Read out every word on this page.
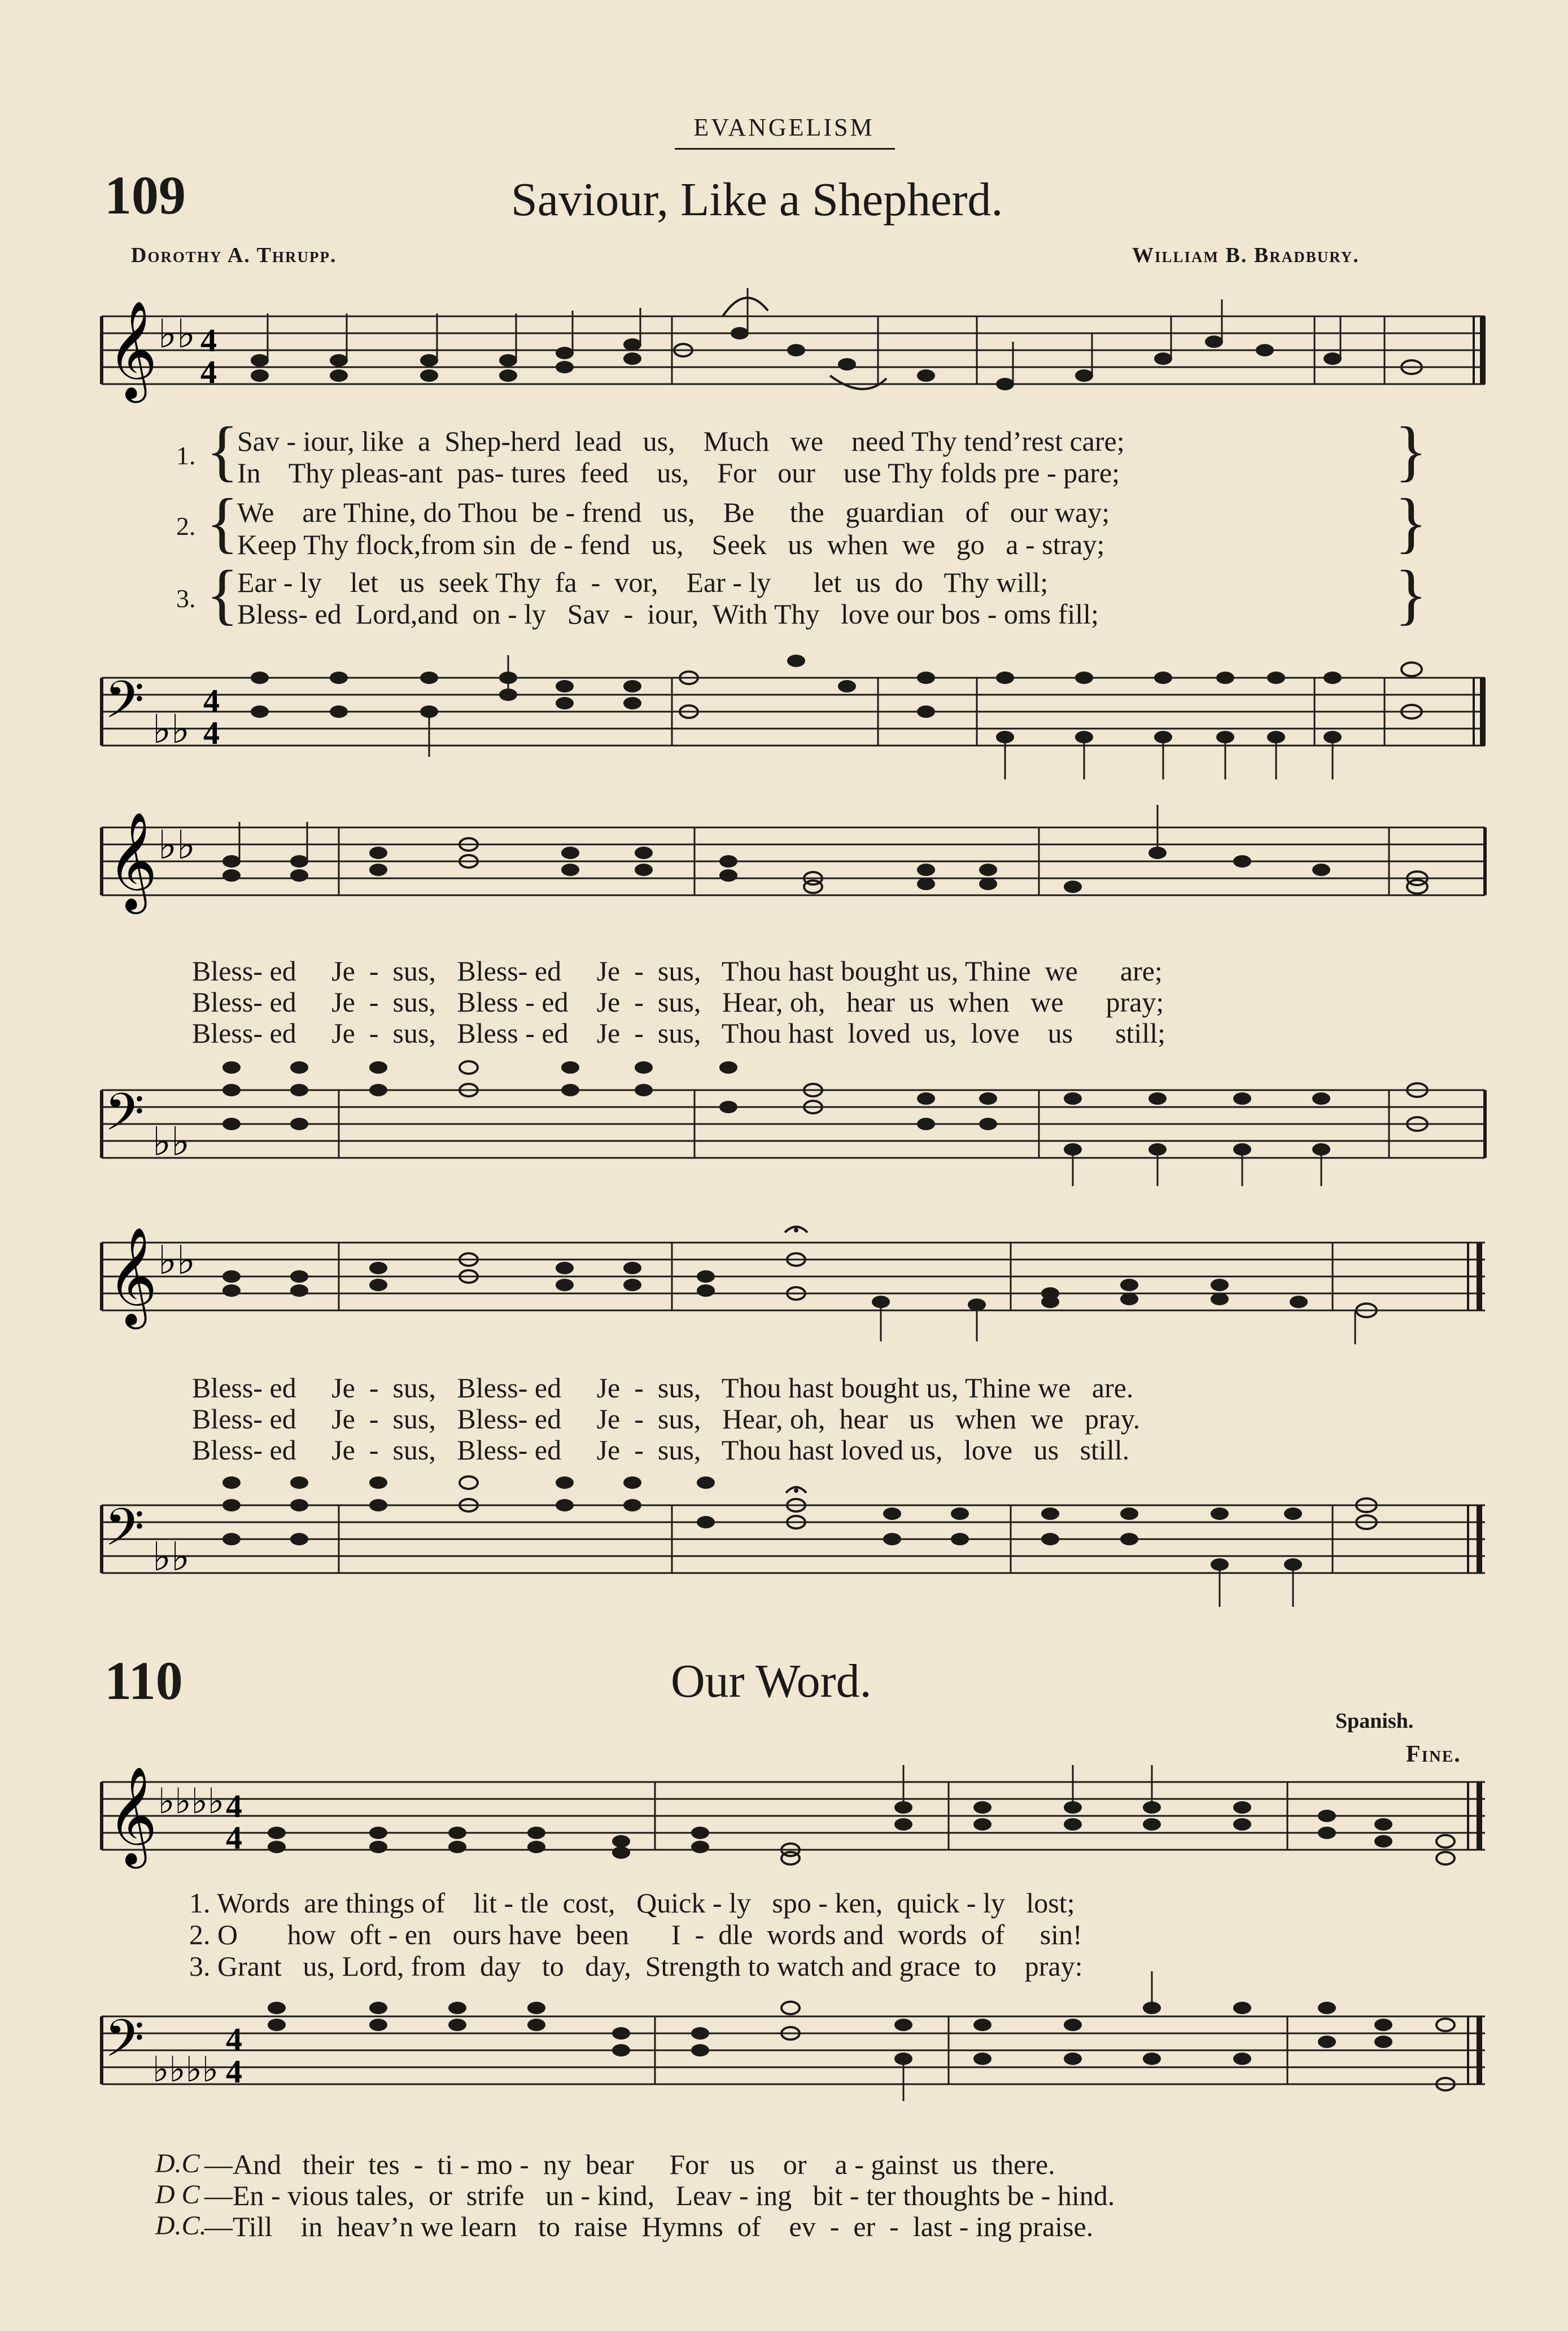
EVANGELISM
109	Saviour, Like a Shepherd.
Dorothy A. Thrupp.	William B. Bradbury.
𝄞 ♭♭ 4
4
1. {
Sav - iour, like  a  Shep-herd  lead   us,    Much   we    need Thy tend’rest care;
In    Thy pleas-ant  pas- tures  feed    us,    For   our    use Thy folds pre - pare;	}
2. {
We    are Thine, do Thou  be - frend   us,    Be     the   guardian   of   our way;
Keep Thy flock,from sin  de - fend   us,    Seek   us  when  we   go   a - stray;	}
3. {
Ear - ly    let   us  seek Thy  fa  -  vor,    Ear - ly      let  us  do   Thy will;
Bless- ed  Lord,and  on - ly   Sav  -  iour,  With Thy   love our bos - oms fill;	}
𝄢 ♭♭
4
4
𝄞 ♭♭
Bless- ed     Je  -  sus,   Bless- ed     Je  -  sus,   Thou hast bought us, Thine  we      are;
Bless- ed     Je  -  sus,   Bless - ed    Je  -  sus,   Hear, oh,   hear  us  when   we      pray;
Bless- ed     Je  -  sus,   Bless - ed    Je  -  sus,   Thou hast  loved  us,  love    us      still;
𝄢 ♭♭
𝄞 ♭♭
Bless- ed     Je  -  sus,   Bless- ed     Je  -  sus,   Thou hast bought us, Thine we   are.
Bless- ed     Je  -  sus,   Bless- ed     Je  -  sus,   Hear, oh,  hear   us   when  we   pray.
Bless- ed     Je  -  sus,   Bless- ed     Je  -  sus,   Thou hast loved us,   love   us   still.
𝄢 ♭♭
110	Our Word.
Spanish.
Fine.
𝄞 ♭♭♭♭ 4
4
1. Words  are things of    lit - tle  cost,   Quick - ly   spo - ken,  quick - ly   lost;
2. O       how  oft - en   ours have  been      I  -  dle  words and  words  of     sin!
3. Grant   us, Lord, from  day   to   day,  Strength to watch and grace  to    pray:
𝄢 ♭♭♭♭
4
4
D.C —And   their  tes  -  ti - mo -  ny  bear     For   us    or    a - gainst  us  there.
D C —En - vious tales,  or  strife   un - kind,   Leav - ing   bit - ter thoughts be - hind.
D.C.
—Till    in  heav’n we learn   to  raise  Hymns  of    ev  -  er  -  last - ing praise.
